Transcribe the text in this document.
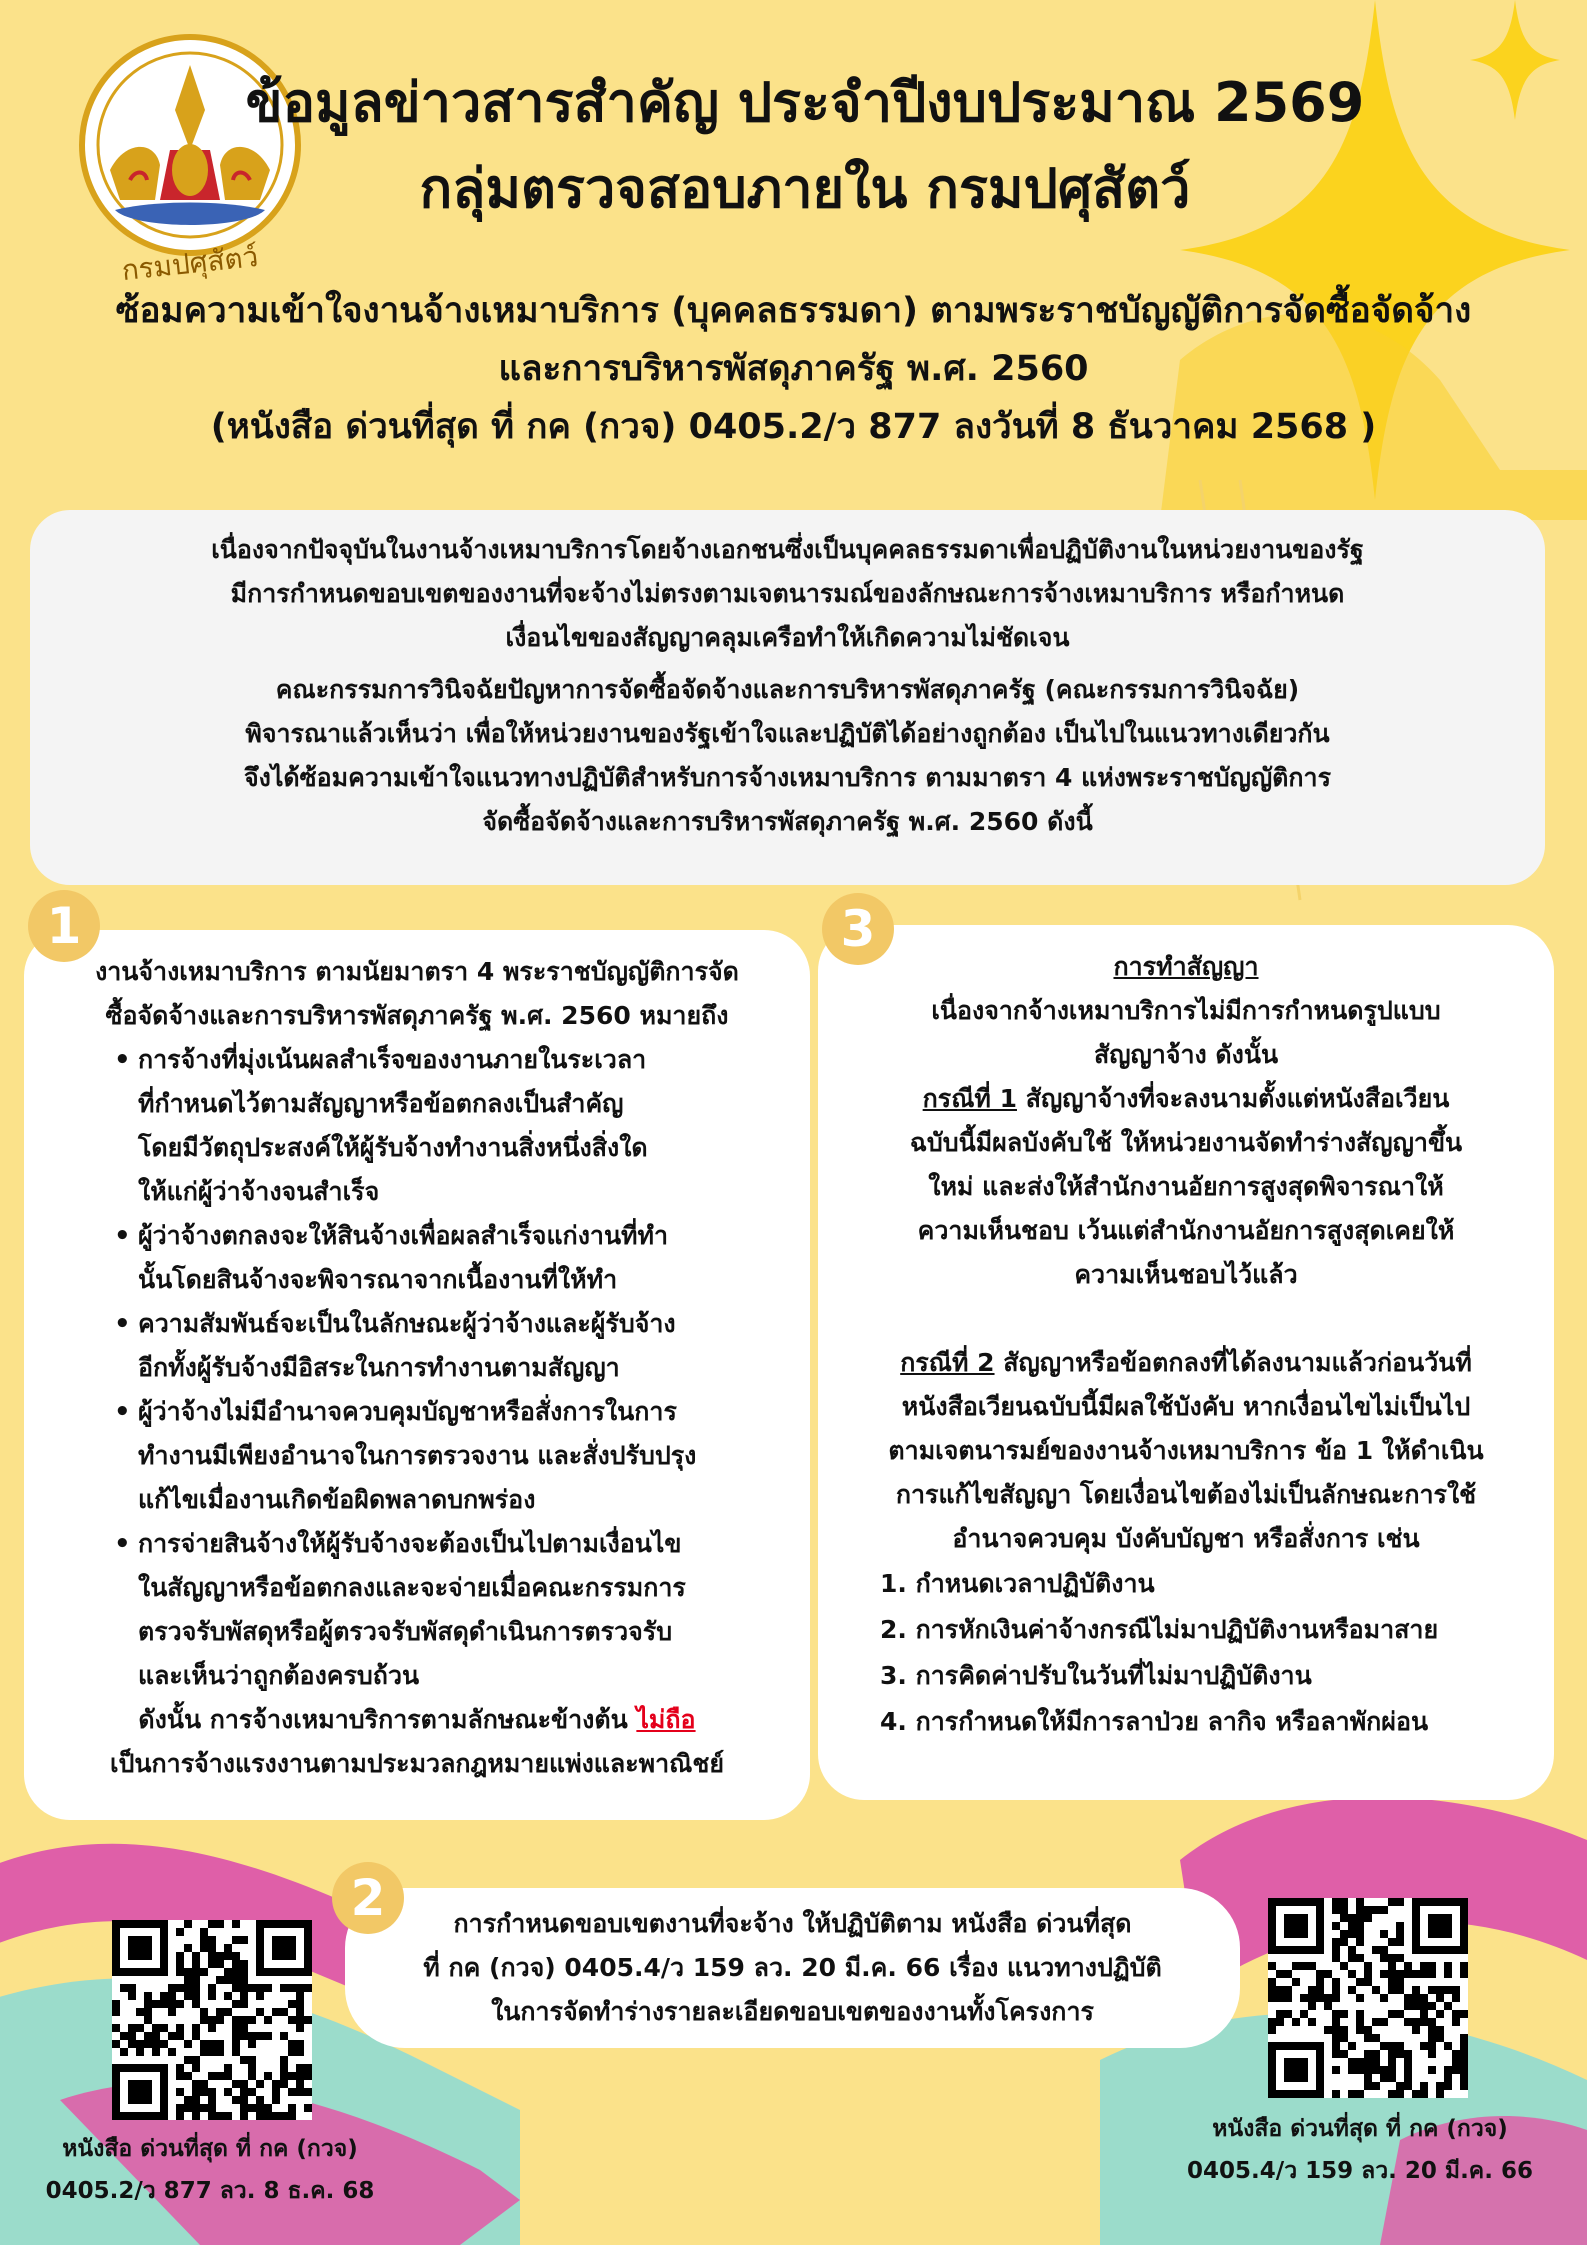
กรมปศุสัตว์
ข้อมูลข่าวสารสำคัญ ประจำปีงบประมาณ 2569
กลุ่มตรวจสอบภายใน กรมปศุสัตว์
ซ้อมความเข้าใจงานจ้างเหมาบริการ (บุคคลธรรมดา) ตามพระราชบัญญัติการจัดซื้อจัดจ้าง
และการบริหารพัสดุภาครัฐ พ.ศ. 2560
(หนังสือ ด่วนที่สุด ที่ กค (กวจ) 0405.2/ว 877 ลงวันที่ 8 ธันวาคม 2568 )
เนื่องจากปัจจุบันในงานจ้างเหมาบริการโดยจ้างเอกชนซึ่งเป็นบุคคลธรรมดาเพื่อปฏิบัติงานในหน่วยงานของรัฐ
มีการกำหนดขอบเขตของงานที่จะจ้างไม่ตรงตามเจตนารมณ์ของลักษณะการจ้างเหมาบริการ หรือกำหนด
เงื่อนไขของสัญญาคลุมเครือทำให้เกิดความไม่ชัดเจน
คณะกรรมการวินิจฉัยปัญหาการจัดซื้อจัดจ้างและการบริหารพัสดุภาครัฐ (คณะกรรมการวินิจฉัย)
พิจารณาแล้วเห็นว่า เพื่อให้หน่วยงานของรัฐเข้าใจและปฏิบัติได้อย่างถูกต้อง เป็นไปในแนวทางเดียวกัน
จึงได้ซ้อมความเข้าใจแนวทางปฏิบัติสำหรับการจ้างเหมาบริการ ตามมาตรา 4 แห่งพระราชบัญญัติการ
จัดซื้อจัดจ้างและการบริหารพัสดุภาครัฐ พ.ศ. 2560 ดังนี้
1
งานจ้างเหมาบริการ ตามนัยมาตรา 4 พระราชบัญญัติการจัด
ซื้อจัดจ้างและการบริหารพัสดุภาครัฐ พ.ศ. 2560 หมายถึง
• การจ้างที่มุ่งเน้นผลสำเร็จของงานภายในระเวลา
ที่กำหนดไว้ตามสัญญาหรือข้อตกลงเป็นสำคัญ
โดยมีวัตถุประสงค์ให้ผู้รับจ้างทำงานสิ่งหนึ่งสิ่งใด
ให้แก่ผู้ว่าจ้างจนสำเร็จ
• ผู้ว่าจ้างตกลงจะให้สินจ้างเพื่อผลสำเร็จแก่งานที่ทำ
นั้นโดยสินจ้างจะพิจารณาจากเนื้องานที่ให้ทำ
• ความสัมพันธ์จะเป็นในลักษณะผู้ว่าจ้างและผู้รับจ้าง
อีกทั้งผู้รับจ้างมีอิสระในการทำงานตามสัญญา
• ผู้ว่าจ้างไม่มีอำนาจควบคุมบัญชาหรือสั่งการในการ
ทำงานมีเพียงอำนาจในการตรวจงาน และสั่งปรับปรุง
แก้ไขเมื่องานเกิดข้อผิดพลาดบกพร่อง
• การจ่ายสินจ้างให้ผู้รับจ้างจะต้องเป็นไปตามเงื่อนไข
ในสัญญาหรือข้อตกลงและจะจ่ายเมื่อคณะกรรมการ
ตรวจรับพัสดุหรือผู้ตรวจรับพัสดุดำเนินการตรวจรับ
และเห็นว่าถูกต้องครบถ้วน
ดังนั้น การจ้างเหมาบริการตามลักษณะข้างต้น ไม่ถือ
เป็นการจ้างแรงงานตามประมวลกฎหมายแพ่งและพาณิชย์
3
การทำสัญญา
เนื่องจากจ้างเหมาบริการไม่มีการกำหนดรูปแบบ
สัญญาจ้าง ดังนั้น
กรณีที่ 1 สัญญาจ้างที่จะลงนามตั้งแต่หนังสือเวียน
ฉบับนี้มีผลบังคับใช้ ให้หน่วยงานจัดทำร่างสัญญาขึ้น
ใหม่ และส่งให้สำนักงานอัยการสูงสุดพิจารณาให้
ความเห็นชอบ เว้นแต่สำนักงานอัยการสูงสุดเคยให้
ความเห็นชอบไว้แล้ว
กรณีที่ 2 สัญญาหรือข้อตกลงที่ได้ลงนามแล้วก่อนวันที่
หนังสือเวียนฉบับนี้มีผลใช้บังคับ หากเงื่อนไขไม่เป็นไป
ตามเจตนารมย์ของงานจ้างเหมาบริการ ข้อ 1 ให้ดำเนิน
การแก้ไขสัญญา โดยเงื่อนไขต้องไม่เป็นลักษณะการใช้
อำนาจควบคุม บังคับบัญชา หรือสั่งการ เช่น
1. กำหนดเวลาปฏิบัติงาน
2. การหักเงินค่าจ้างกรณีไม่มาปฏิบัติงานหรือมาสาย
3. การคิดค่าปรับในวันที่ไม่มาปฏิบัติงาน
4. การกำหนดให้มีการลาป่วย ลากิจ หรือลาพักผ่อน
2	การกำหนดขอบเขตงานที่จะจ้าง ให้ปฏิบัติตาม หนังสือ ด่วนที่สุด
ที่ กค (กวจ) 0405.4/ว 159 ลว. 20 มี.ค. 66 เรื่อง แนวทางปฏิบัติ
ในการจัดทำร่างรายละเอียดขอบเขตของงานทั้งโครงการ
หนังสือ ด่วนที่สุด ที่ กค (กวจ)
0405.2/ว 877 ลว. 8 ธ.ค. 68
หนังสือ ด่วนที่สุด ที่ กค (กวจ)
0405.4/ว 159 ลว. 20 มี.ค. 66
